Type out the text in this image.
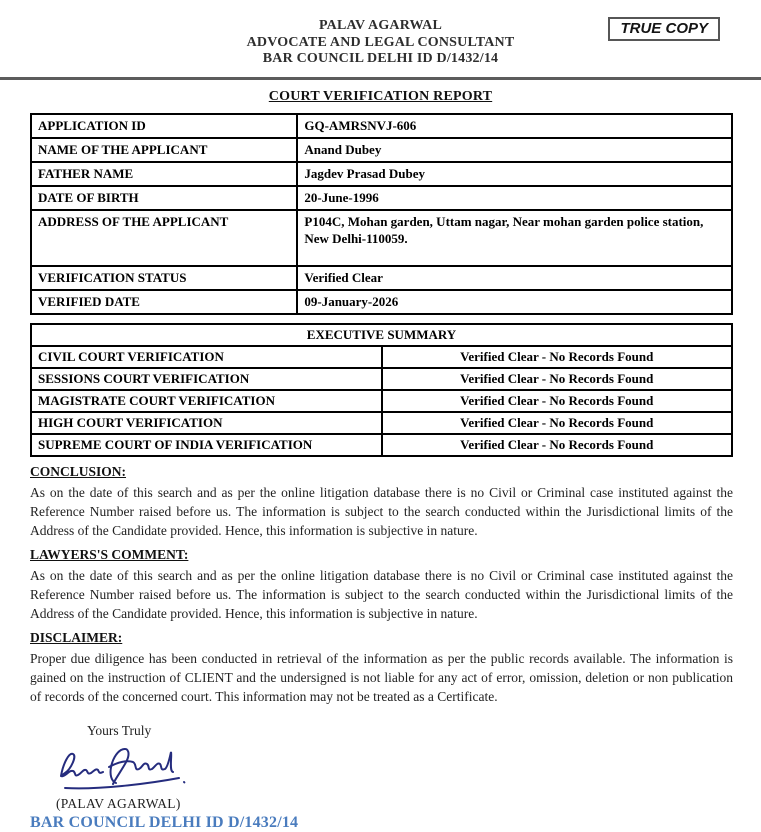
PALAV AGARWAL
ADVOCATE AND LEGAL CONSULTANT
BAR COUNCIL DELHI ID D/1432/14
TRUE COPY
COURT VERIFICATION REPORT
APPLICATION ID	GQ-AMRSNVJ-606
NAME OF THE APPLICANT	Anand Dubey
FATHER NAME	Jagdev Prasad Dubey
DATE OF BIRTH	20-June-1996
ADDRESS OF THE APPLICANT	P104C, Mohan garden, Uttam nagar, Near mohan garden police station, New Delhi-110059.
VERIFICATION STATUS	Verified Clear
VERIFIED DATE	09-January-2026
EXECUTIVE SUMMARY	
CIVIL COURT VERIFICATION	Verified Clear - No Records Found
SESSIONS COURT VERIFICATION	Verified Clear - No Records Found
MAGISTRATE COURT VERIFICATION	Verified Clear - No Records Found
HIGH COURT VERIFICATION	Verified Clear - No Records Found
SUPREME COURT OF INDIA VERIFICATION	Verified Clear - No Records Found
CONCLUSION:
As on the date of this search and as per the online litigation database there is no Civil or Criminal case instituted against the Reference Number raised before us. The information is subject to the search conducted within the Jurisdictional limits of the Address of the Candidate provided. Hence, this information is subjective in nature.
LAWYERS'S COMMENT:
As on the date of this search and as per the online litigation database there is no Civil or Criminal case instituted against the Reference Number raised before us. The information is subject to the search conducted within the Jurisdictional limits of the Address of the Candidate provided. Hence, this information is subjective in nature.
DISCLAIMER:
Proper due diligence has been conducted in retrieval of the information as per the public records available. The information is gained on the instruction of CLIENT and the undersigned is not liable for any act of error, omission, deletion or non publication of records of the concerned court. This information may not be treated as a Certificate.
Yours Truly
(PALAV AGARWAL)
BAR COUNCIL DELHI ID D/1432/14
